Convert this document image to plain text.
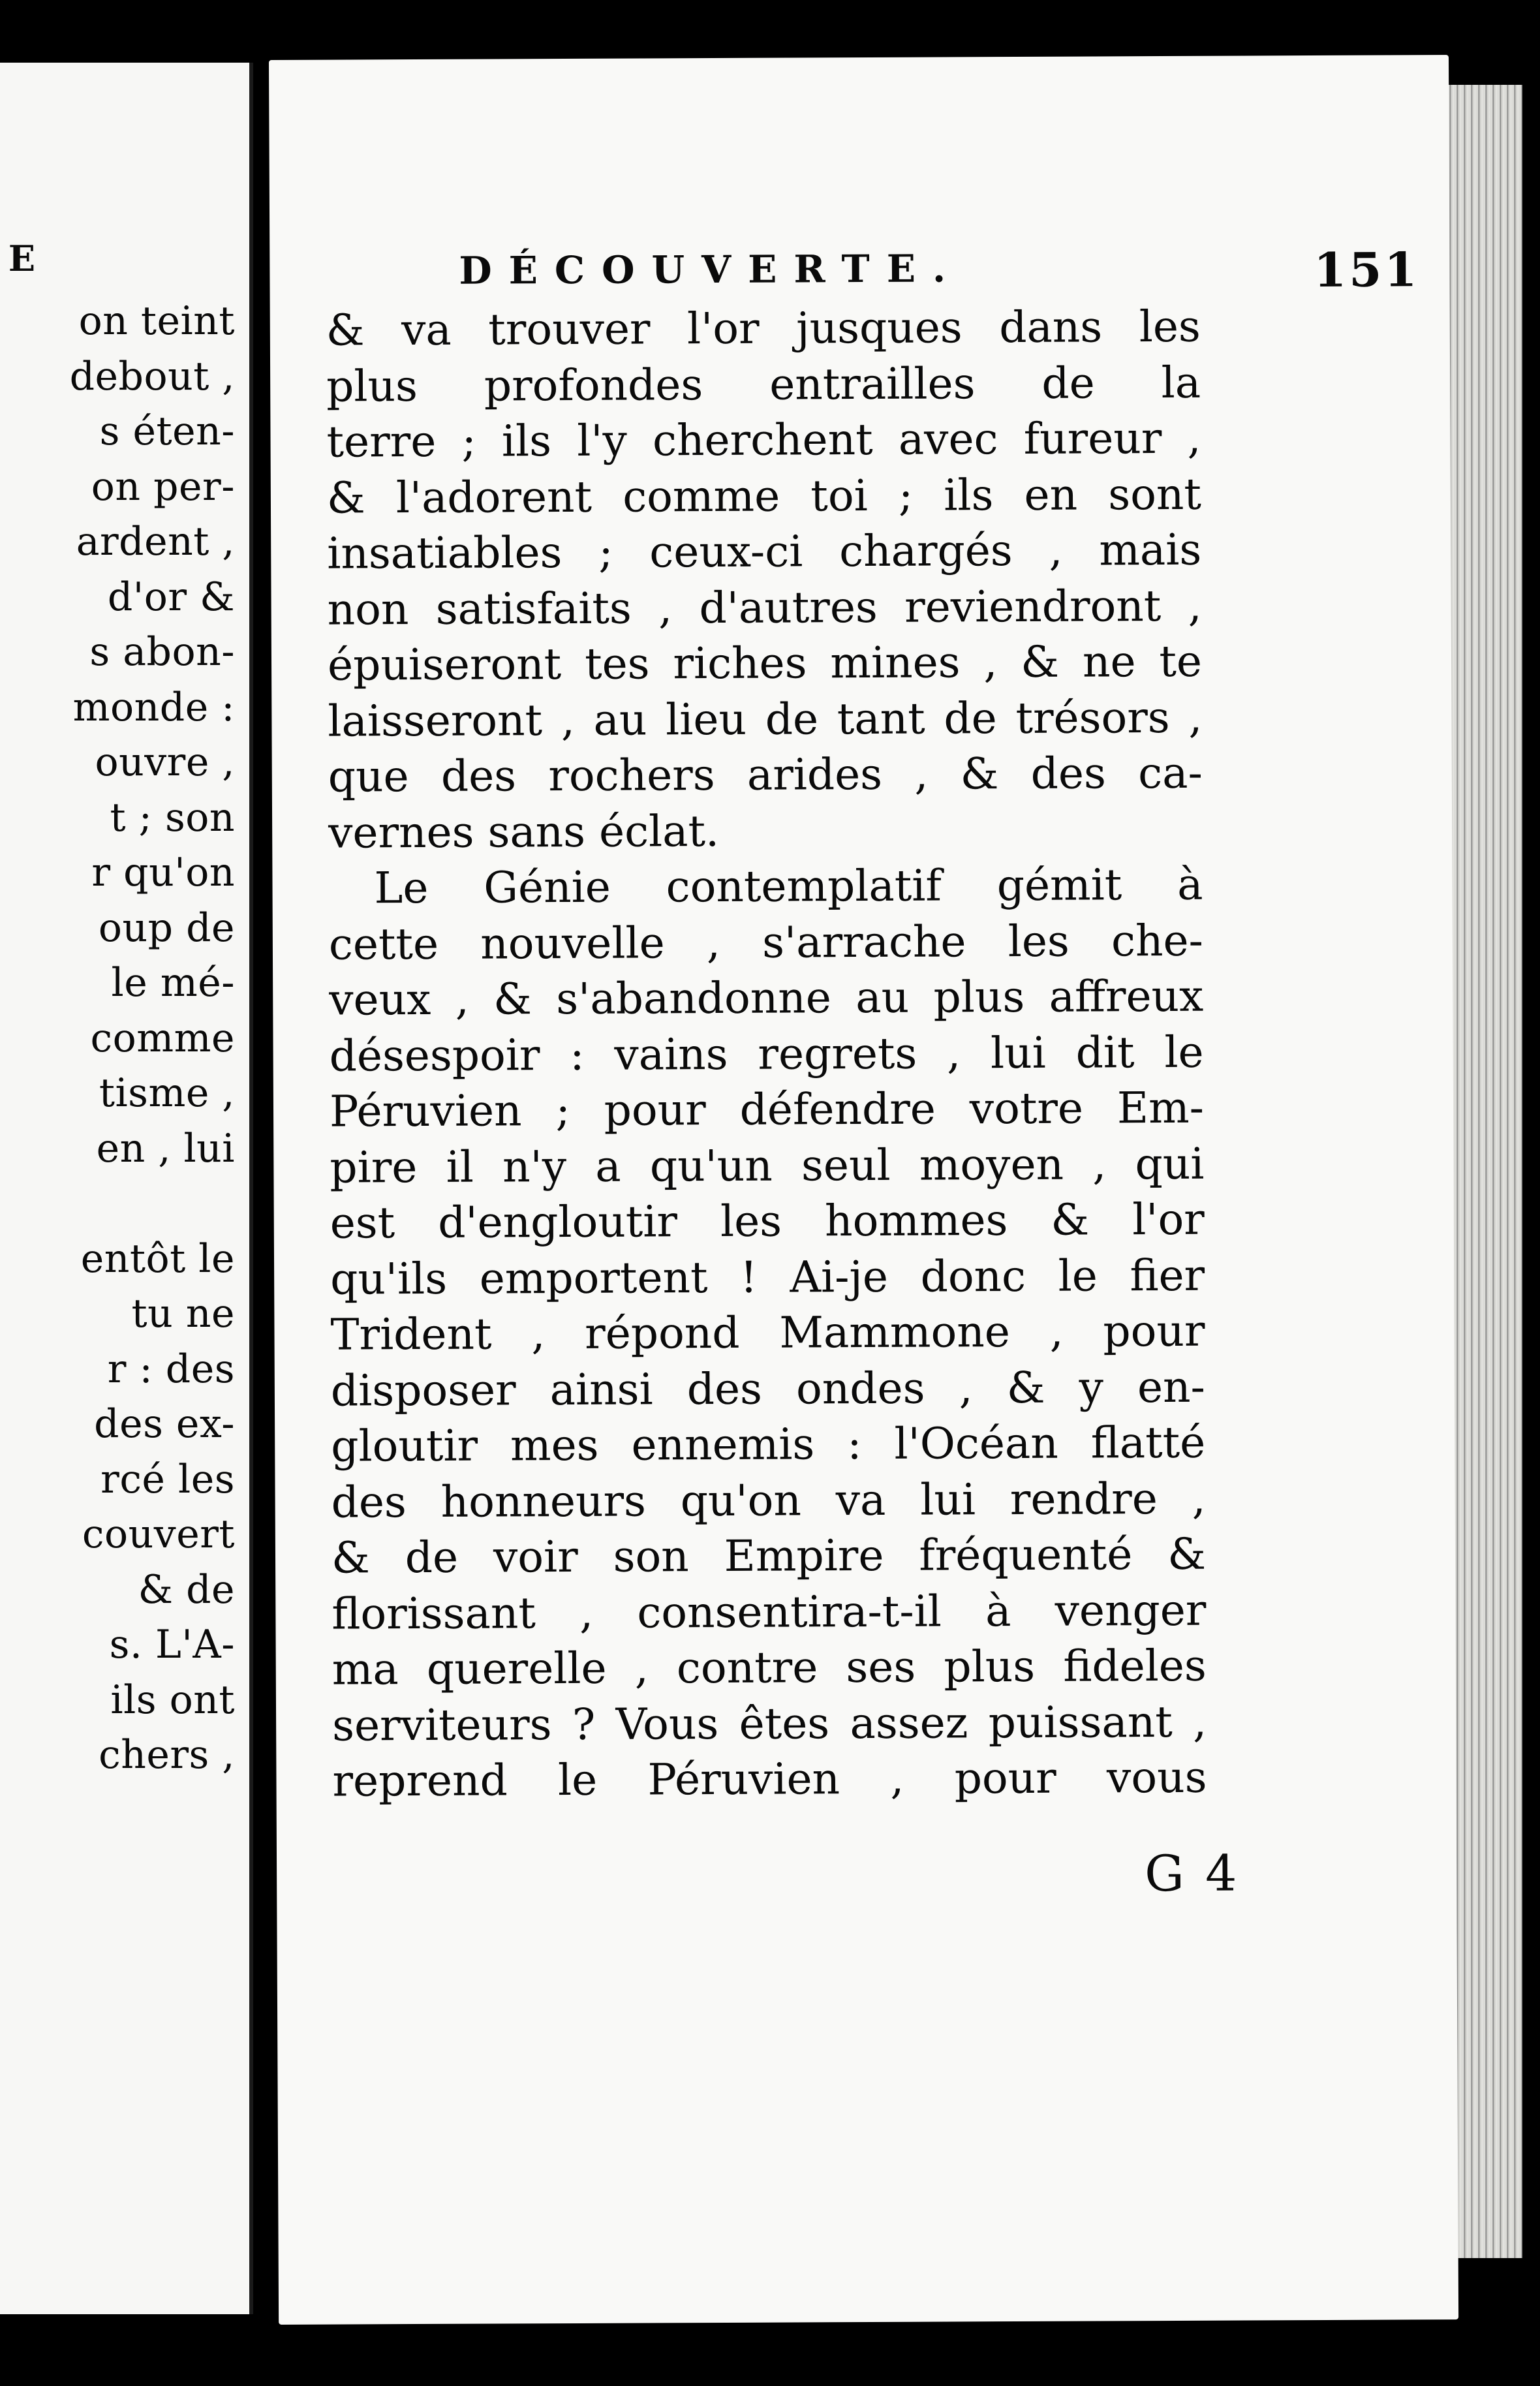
E
on teint
debout ,
s éten-
on per-
ardent ,
d'or &
s abon-
monde :
ouvre ,
t ; son
r qu'on
oup de
le mé-
comme
tisme ,
en , lui
entôt le
tu ne
r : des
des ex-
rcé les
couvert
& de
s. L'A-
ils ont
chers ,
DÉCOUVERTE.	151
& va trouver l'or jusques dans les
plus profondes entrailles de la
terre ; ils l'y cherchent avec fureur ,
& l'adorent comme toi ; ils en sont
insatiables ; ceux-ci chargés , mais
non satisfaits , d'autres reviendront ,
épuiseront tes riches mines , & ne te
laisseront , au lieu de tant de trésors ,
que des rochers arides , & des ca-
vernes sans éclat.
Le Génie contemplatif gémit à
cette nouvelle , s'arrache les che-
veux , & s'abandonne au plus affreux
désespoir : vains regrets , lui dit le
Péruvien ; pour défendre votre Em-
pire il n'y a qu'un seul moyen , qui
est d'engloutir les hommes & l'or
qu'ils emportent ! Ai-je donc le fier
Trident , répond Mammone , pour
disposer ainsi des ondes , & y en-
gloutir mes ennemis : l'Océan flatté
des honneurs qu'on va lui rendre ,
& de voir son Empire fréquenté &
florissant , consentira-t-il à venger
ma querelle , contre ses plus fideles
serviteurs ? Vous êtes assez puissant ,
reprend le Péruvien , pour vous
G 4
